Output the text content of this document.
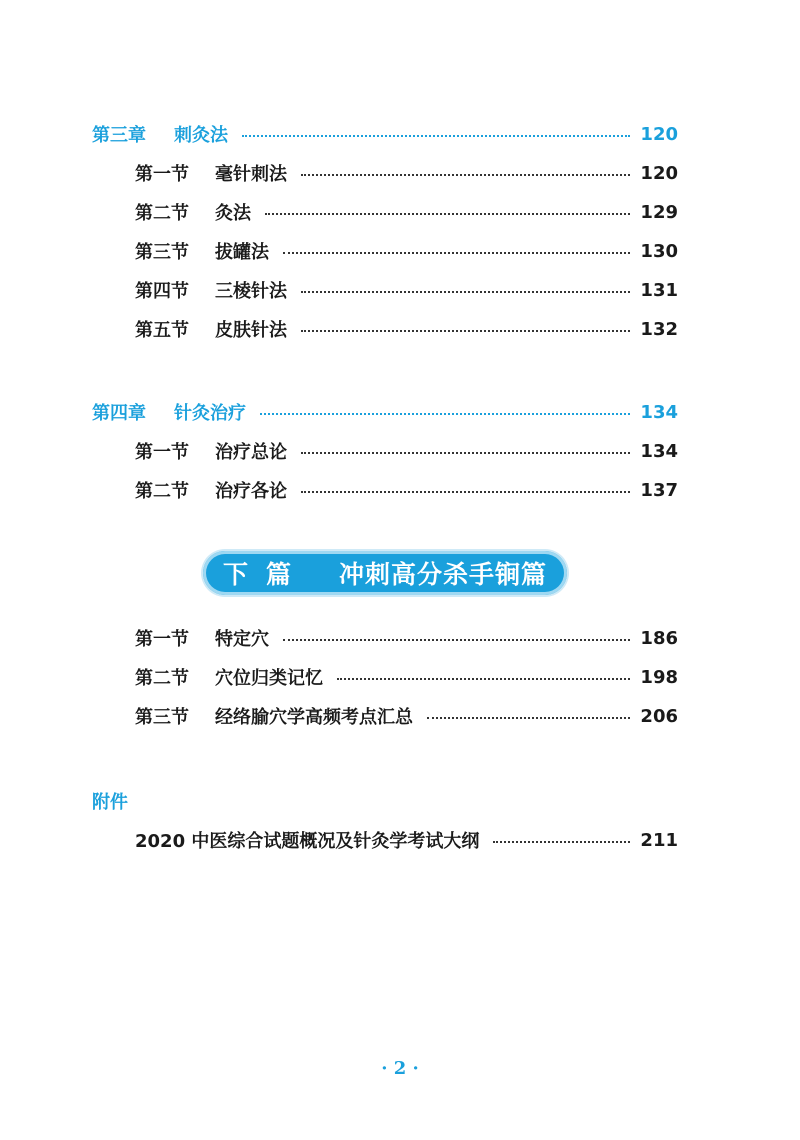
第三章 刺灸法	120
第一节 毫针刺法	120
第二节 灸法	129
第三节 拔罐法	130
第四节 三棱针法	131
第五节 皮肤针法	132
第四章 针灸治疗	134
第一节 治疗总论	134
第二节 治疗各论	137
下篇 冲刺高分杀手锏篇
第一节 特定穴	186
第二节 穴位归类记忆	198
第三节 经络腧穴学高频考点汇总	206
附件
2020 中医综合试题概况及针灸学考试大纲	211
· 2 ·
